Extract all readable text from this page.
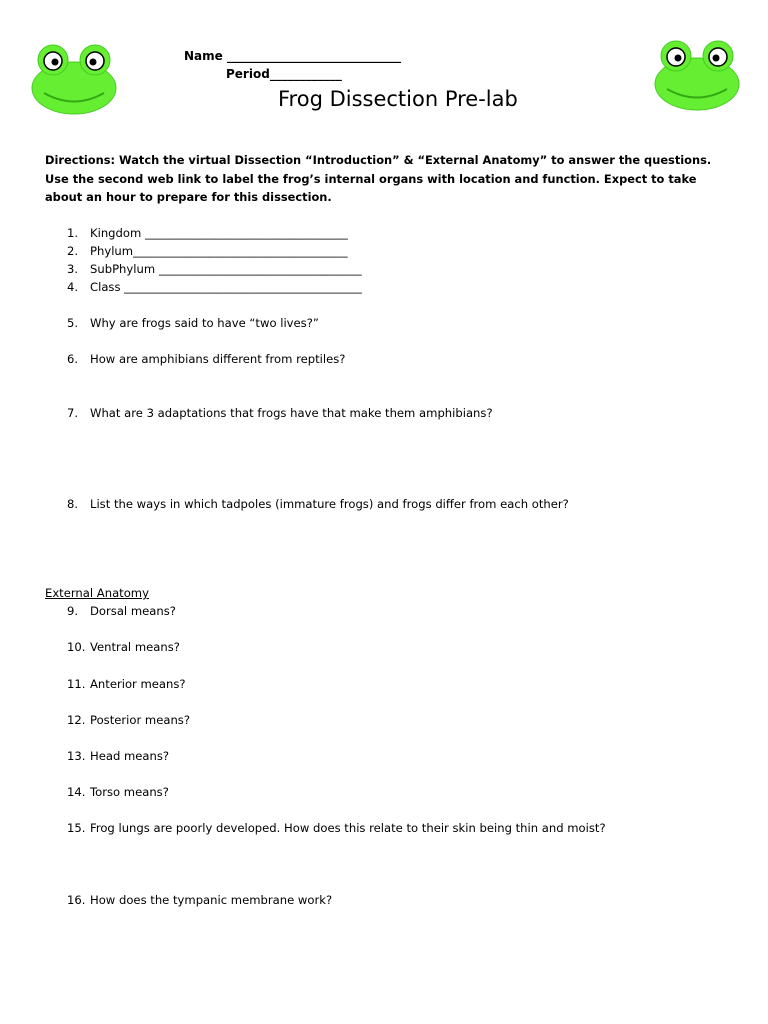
Name _____________________________
Period____________
Frog Dissection Pre-lab
Directions: Watch the virtual Dissection “Introduction” & “External Anatomy” to answer the questions. Use the second web link to label the frog’s internal organs with location and function. Expect to take about an hour to prepare for this dissection.
1. Kingdom ___________________________________
2. Phylum_____________________________________
3. SubPhylum ___________________________________
4. Class _________________________________________
5. Why are frogs said to have “two lives?”
6. How are amphibians different from reptiles?
7. What are 3 adaptations that frogs have that make them amphibians?
8. List the ways in which tadpoles (immature frogs) and frogs differ from each other?
External Anatomy
9. Dorsal means?
10. Ventral means?
11. Anterior means?
12. Posterior means?
13. Head means?
14. Torso means?
15. Frog lungs are poorly developed. How does this relate to their skin being thin and moist?
16. How does the tympanic membrane work?
